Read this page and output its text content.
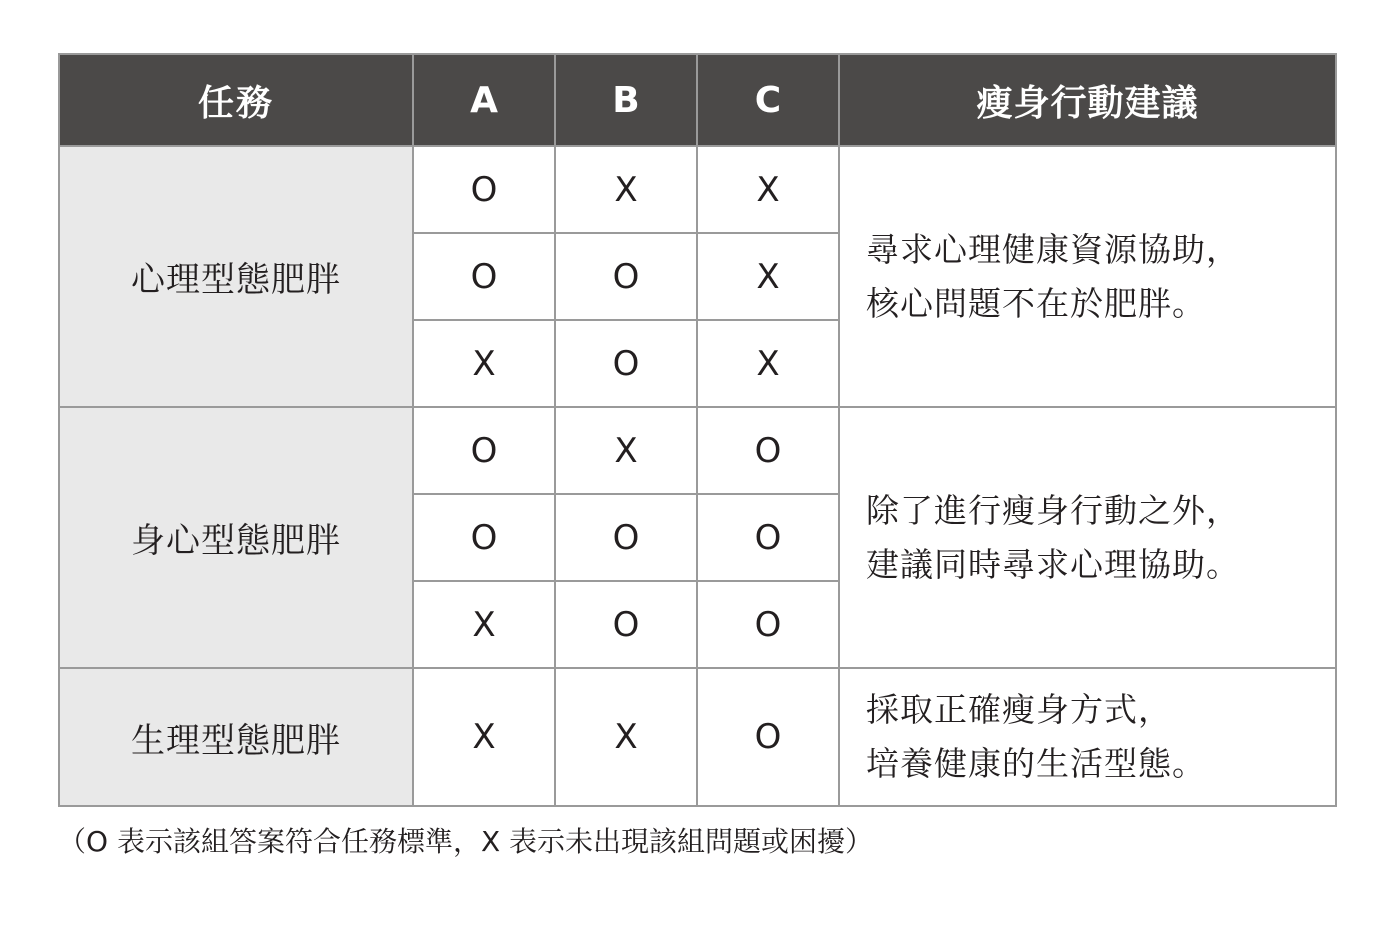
任務	A	B	C	瘦身行動建議
心理型態肥胖	O	X	X	尋求心理健康資源協助，
核心問題不在於肥胖。

	O	O	X	
	X	O	X	
身心型態肥胖	O	X	O	除了進行瘦身行動之外，
建議同時尋求心理協助。

	O	O	O	
	X	O	O	
生理型態肥胖	X	X	O	採取正確瘦身方式，
培養健康的生活型態。
（O 表示該組答案符合任務標準，X 表示未出現該組問題或困擾）
